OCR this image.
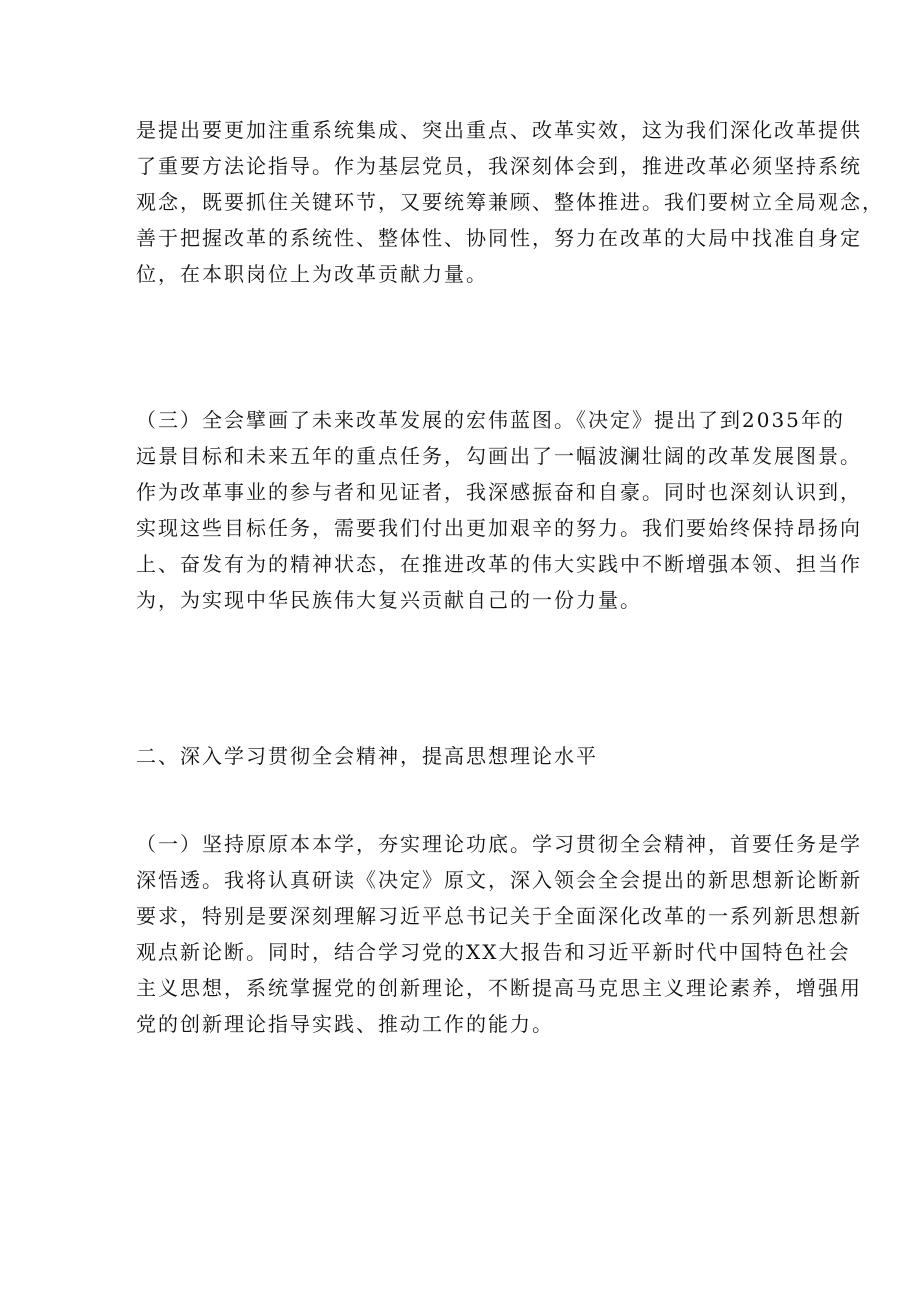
是提出要更加注重系统集成、突出重点、改革实效，这为我们深化改革提供
了重要方法论指导。作为基层党员，我深刻体会到，推进改革必须坚持系统
观念，既要抓住关键环节，又要统筹兼顾、整体推进。我们要树立全局观念，
善于把握改革的系统性、整体性、协同性，努力在改革的大局中找准自身定
位，在本职岗位上为改革贡献力量。
（三）全会擘画了未来改革发展的宏伟蓝图。《决定》提出了到2035年的
远景目标和未来五年的重点任务，勾画出了一幅波澜壮阔的改革发展图景。
作为改革事业的参与者和见证者，我深感振奋和自豪。同时也深刻认识到，
实现这些目标任务，需要我们付出更加艰辛的努力。我们要始终保持昂扬向
上、奋发有为的精神状态，在推进改革的伟大实践中不断增强本领、担当作
为，为实现中华民族伟大复兴贡献自己的一份力量。
二、深入学习贯彻全会精神，提高思想理论水平
（一）坚持原原本本学，夯实理论功底。学习贯彻全会精神，首要任务是学
深悟透。我将认真研读《决定》原文，深入领会全会提出的新思想新论断新
要求，特别是要深刻理解习近平总书记关于全面深化改革的一系列新思想新
观点新论断。同时，结合学习党的XX大报告和习近平新时代中国特色社会
主义思想，系统掌握党的创新理论，不断提高马克思主义理论素养，增强用
党的创新理论指导实践、推动工作的能力。
